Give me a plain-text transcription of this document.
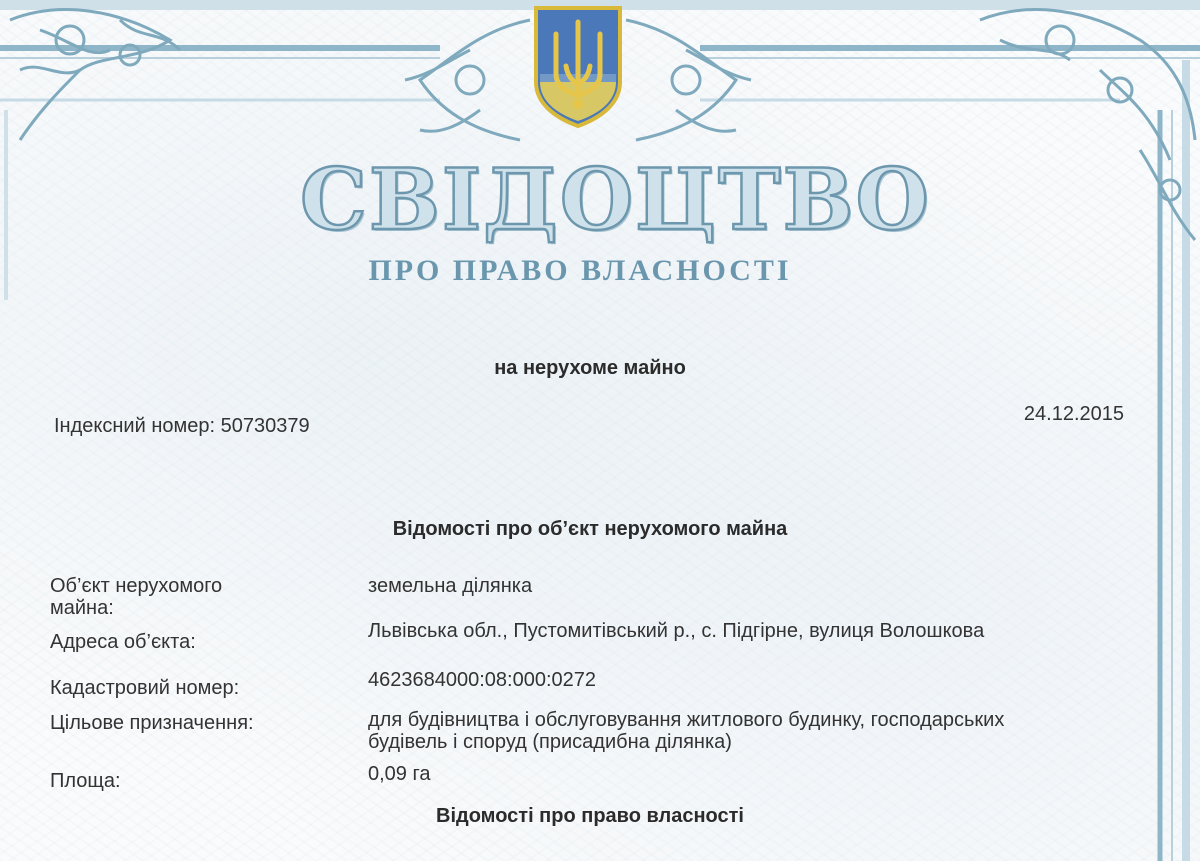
СВІДОЦТВО
ПРО ПРАВО ВЛАСНОСТІ
на нерухоме майно
Індексний номер: 50730379
24.12.2015
Відомості про об’єкт нерухомого майна
Об’єкт нерухомого майна:
земельна ділянка
Адреса об’єкта:	Львівська обл., Пустомитівський р., с. Підгірне, вулиця Волошкова
Кадастровий номер:	4623684000:08:000:0272
Цільове призначення:	для будівництва і обслуговування житлового будинку, господарських будівель і споруд (присадибна ділянка)
Площа:	0,09 га
Відомості про право власності
